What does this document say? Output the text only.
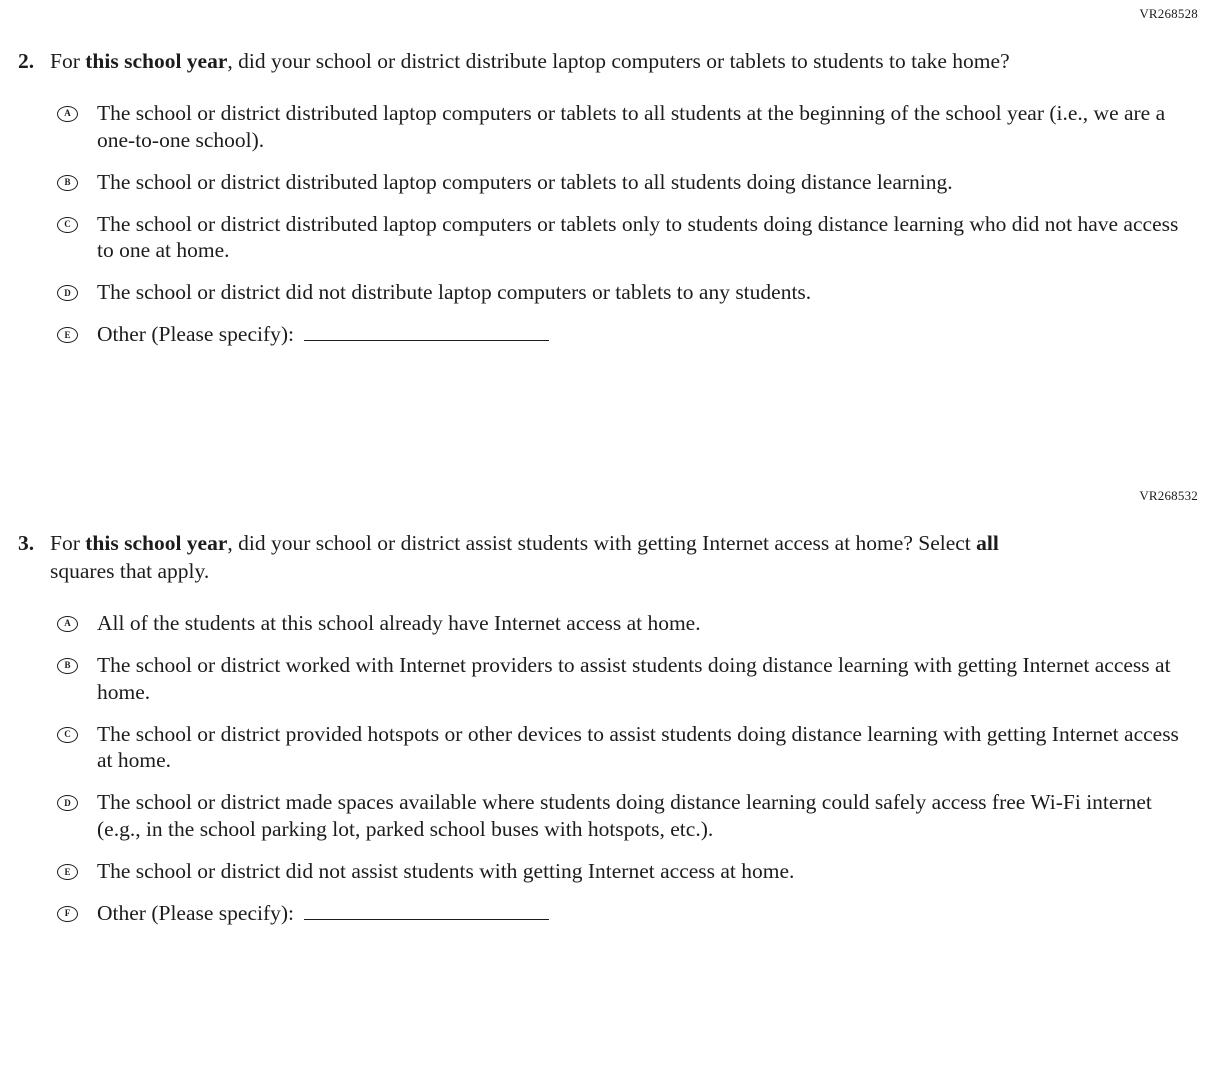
VR268528
2. For this school year, did your school or district distribute laptop computers or tablets to students to take home?
A The school or district distributed laptop computers or tablets to all students at the beginning of the school year (i.e., we are a one-to-one school).
B The school or district distributed laptop computers or tablets to all students doing distance learning.
C The school or district distributed laptop computers or tablets only to students doing distance learning who did not have access to one at home.
D The school or district did not distribute laptop computers or tablets to any students.
E Other (Please specify):
VR268532
3. For this school year, did your school or district assist students with getting Internet access at home? Select all squares that apply.
A All of the students at this school already have Internet access at home.
B The school or district worked with Internet providers to assist students doing distance learning with getting Internet access at home.
C The school or district provided hotspots or other devices to assist students doing distance learning with getting Internet access at home.
D The school or district made spaces available where students doing distance learning could safely access free Wi-Fi internet (e.g., in the school parking lot, parked school buses with hotspots, etc.).
E The school or district did not assist students with getting Internet access at home.
F Other (Please specify):
